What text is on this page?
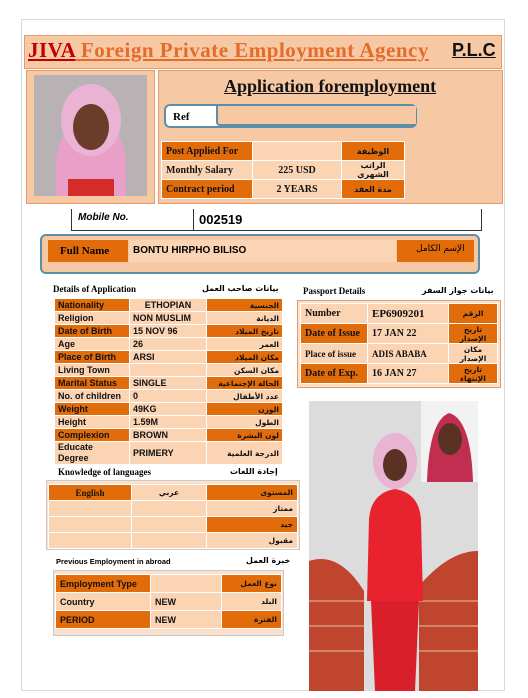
JIVA Foreign Private Employment Agency P.L.C
Application foremployment
Ref
Post Applied For		الوظيفة
Monthly Salary	225 USD	الراتب الشهري
Contract period	2 YEARS	مدة العقد
Mobile No.	002519
Full Name BONTU HIRPHO BILISO	الإسم الكامل
Details of Application	بيانات صاحب العمل
Nationality	ETHOPIAN	الجنسية
Religion	NON MUSLIM	الديانة
Date of Birth	15 NOV 96	تاريخ الميلاد
Age	26	العمر
Place of Birth	ARSI	مكان الميلاد
Living Town		مكان السكن
Marital Status	SINGLE	الحالة الإجتماعية
No. of children	0	عدد الأطفال
Weight	49KG	الوزن
Height	1.59M	الطول
Complexion	BROWN	لون البشرة
Educate Degree	PRIMERY	الدرجة العلمية
Passport Details	بيانات جواز السفر
Number	EP6909201	الرقم
Date of Issue	17 JAN 22	تاريخ الإصدار
Place of issue	ADIS ABABA	مكان الإصدار
Date of Exp.	16 JAN 27	تاريخ الإنتهاء
Knowledge of languages	إجادة اللغات
English	عربي	المستوى
		ممتاز
		جيد
		مقبول
Previous Employment in abroad	خبرة العمل
Employment Type		نوع العمل
Country	NEW	البلد
PERIOD	NEW	الفترة
